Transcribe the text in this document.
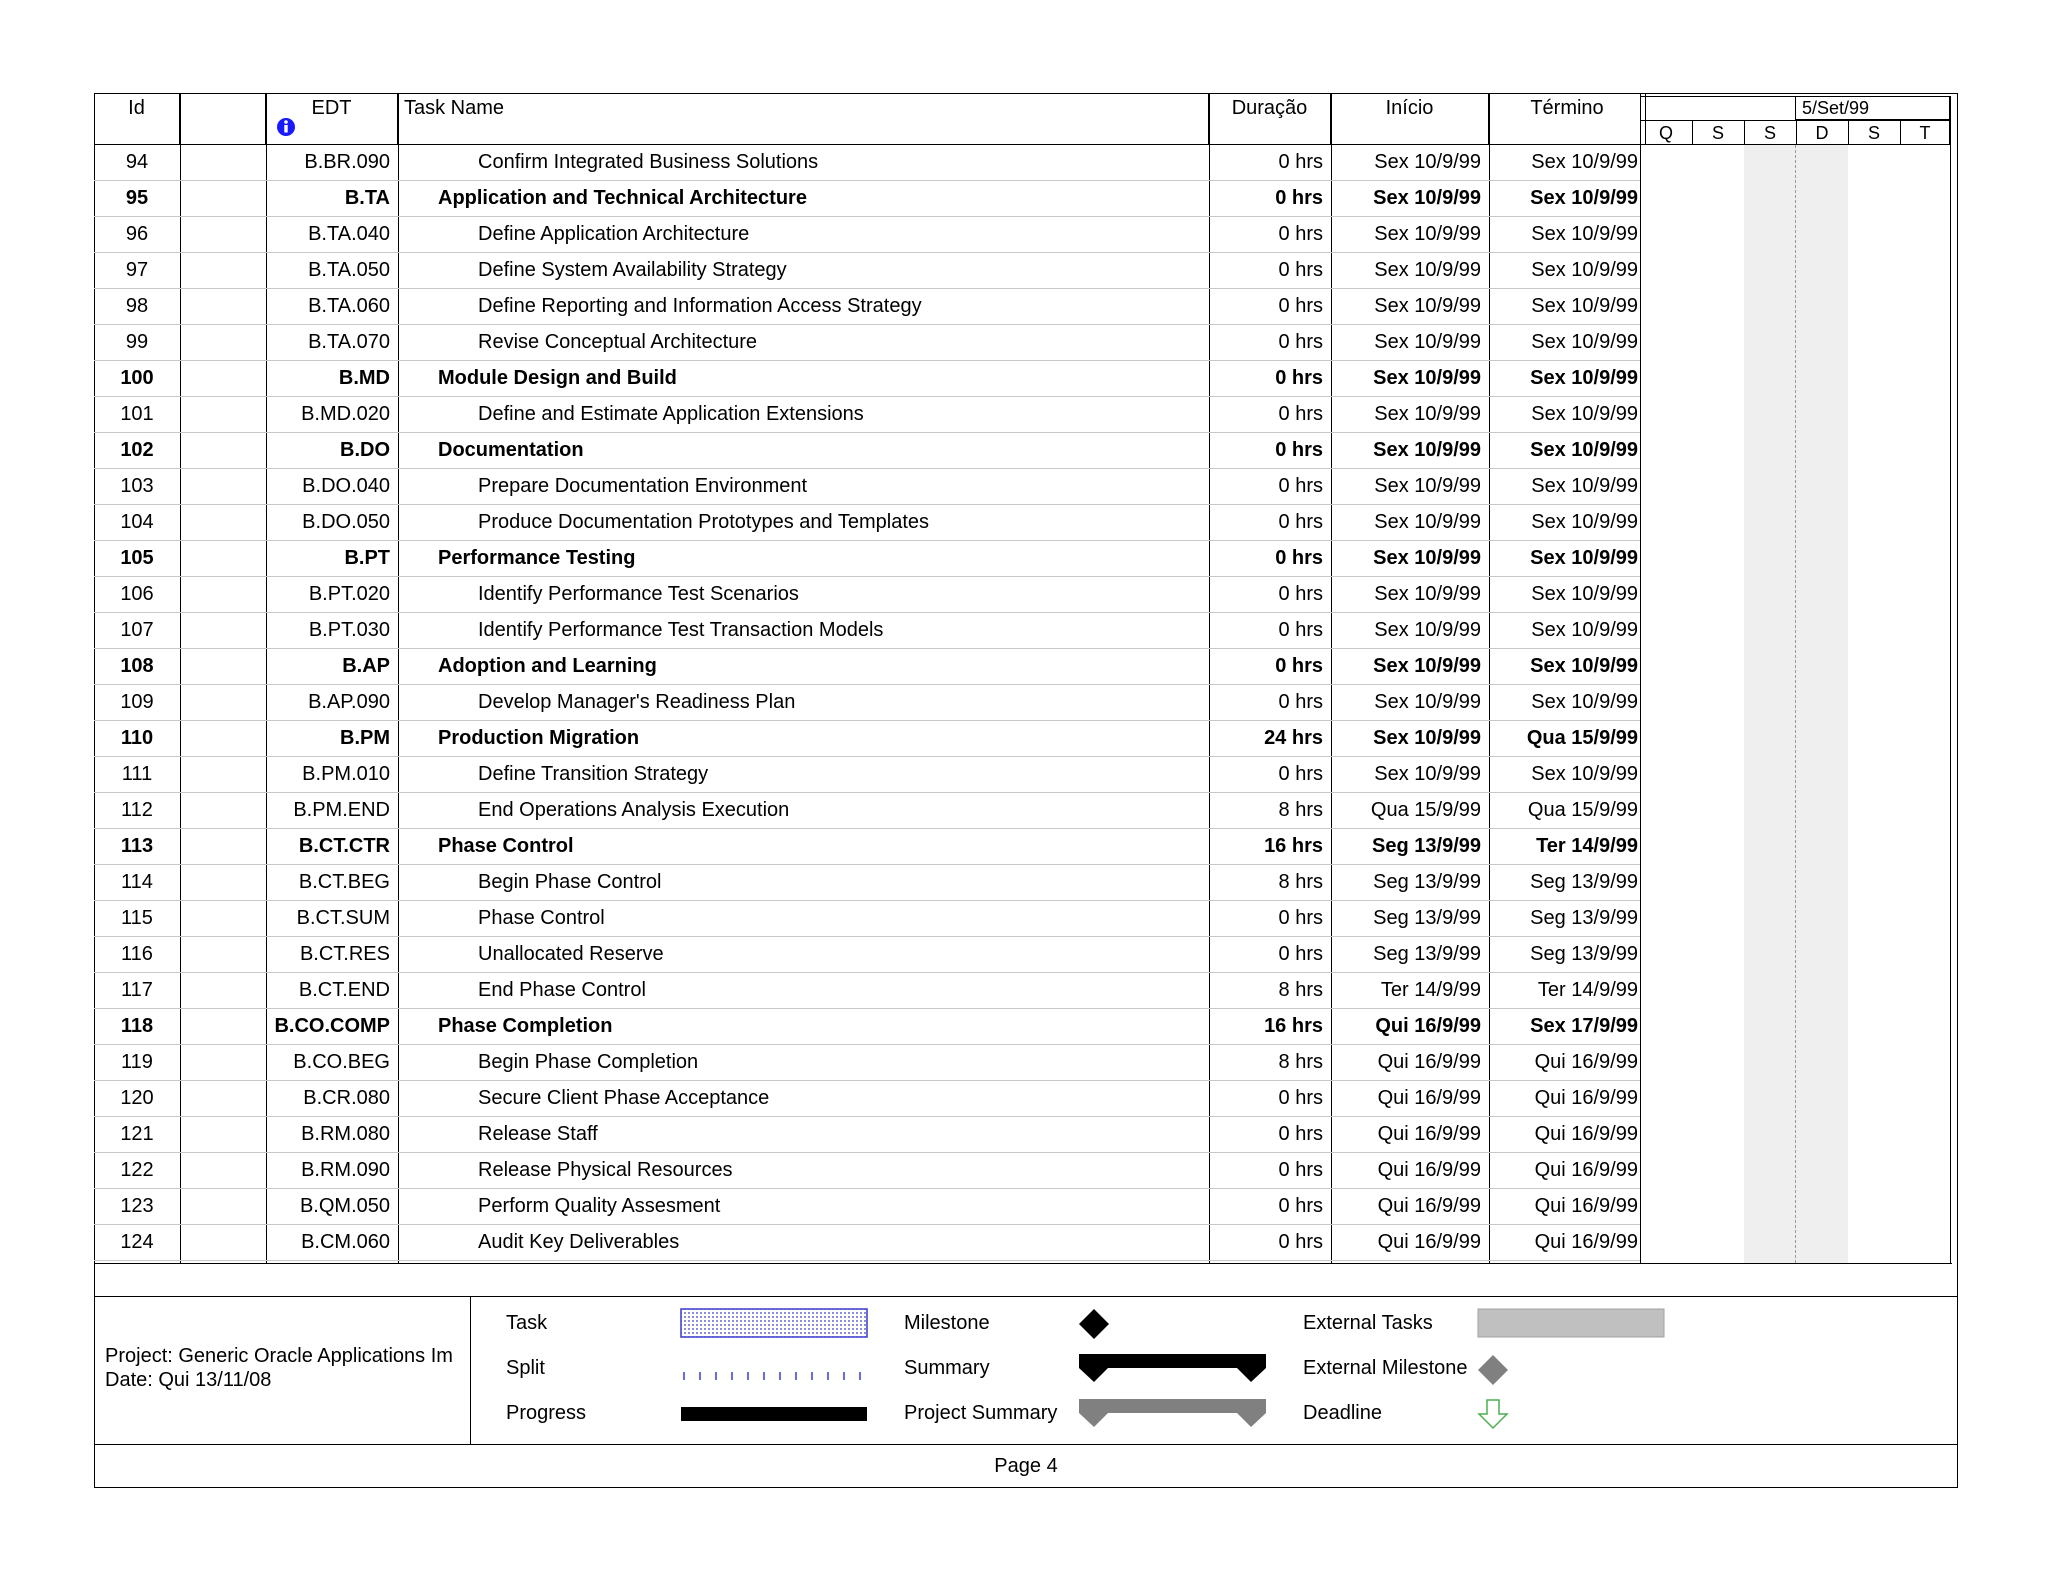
Id	EDT	Task Name	Duração	Início	Término	5/Set/99
Q	S	S	D	S	T
94	B.BR.090	Confirm Integrated Business Solutions	0 hrs	Sex 10/9/99	Sex 10/9/99
95	B.TA	Application and Technical Architecture	0 hrs	Sex 10/9/99	Sex 10/9/99
96	B.TA.040	Define Application Architecture	0 hrs	Sex 10/9/99	Sex 10/9/99
97	B.TA.050	Define System Availability Strategy	0 hrs	Sex 10/9/99	Sex 10/9/99
98	B.TA.060	Define Reporting and Information Access Strategy	0 hrs	Sex 10/9/99	Sex 10/9/99
99	B.TA.070	Revise Conceptual Architecture	0 hrs	Sex 10/9/99	Sex 10/9/99
100	B.MD	Module Design and Build	0 hrs	Sex 10/9/99	Sex 10/9/99
101	B.MD.020	Define and Estimate Application Extensions	0 hrs	Sex 10/9/99	Sex 10/9/99
102	B.DO	Documentation	0 hrs	Sex 10/9/99	Sex 10/9/99
103	B.DO.040	Prepare Documentation Environment	0 hrs	Sex 10/9/99	Sex 10/9/99
104	B.DO.050	Produce Documentation Prototypes and Templates	0 hrs	Sex 10/9/99	Sex 10/9/99
105	B.PT	Performance Testing	0 hrs	Sex 10/9/99	Sex 10/9/99
106	B.PT.020	Identify Performance Test Scenarios	0 hrs	Sex 10/9/99	Sex 10/9/99
107	B.PT.030	Identify Performance Test Transaction Models	0 hrs	Sex 10/9/99	Sex 10/9/99
108	B.AP	Adoption and Learning	0 hrs	Sex 10/9/99	Sex 10/9/99
109	B.AP.090	Develop Manager's Readiness Plan	0 hrs	Sex 10/9/99	Sex 10/9/99
110	B.PM	Production Migration	24 hrs	Sex 10/9/99	Qua 15/9/99
111	B.PM.010	Define Transition Strategy	0 hrs	Sex 10/9/99	Sex 10/9/99
112	B.PM.END	End Operations Analysis Execution	8 hrs	Qua 15/9/99	Qua 15/9/99
113	B.CT.CTR	Phase Control	16 hrs	Seg 13/9/99	Ter 14/9/99
114	B.CT.BEG	Begin Phase Control	8 hrs	Seg 13/9/99	Seg 13/9/99
115	B.CT.SUM	Phase Control	0 hrs	Seg 13/9/99	Seg 13/9/99
116	B.CT.RES	Unallocated Reserve	0 hrs	Seg 13/9/99	Seg 13/9/99
117	B.CT.END	End Phase Control	8 hrs	Ter 14/9/99	Ter 14/9/99
118	B.CO.COMP	Phase Completion	16 hrs	Qui 16/9/99	Sex 17/9/99
119	B.CO.BEG	Begin Phase Completion	8 hrs	Qui 16/9/99	Qui 16/9/99
120	B.CR.080	Secure Client Phase Acceptance	0 hrs	Qui 16/9/99	Qui 16/9/99
121	B.RM.080	Release Staff	0 hrs	Qui 16/9/99	Qui 16/9/99
122	B.RM.090	Release Physical Resources	0 hrs	Qui 16/9/99	Qui 16/9/99
123	B.QM.050	Perform Quality Assesment	0 hrs	Qui 16/9/99	Qui 16/9/99
124	B.CM.060	Audit Key Deliverables	0 hrs	Qui 16/9/99	Qui 16/9/99
Project: Generic Oracle Applications Im
Date: Qui 13/11/08
Task
Split
Progress
Milestone
Summary
Project Summary
External Tasks
External Milestone
Deadline
Page 4
